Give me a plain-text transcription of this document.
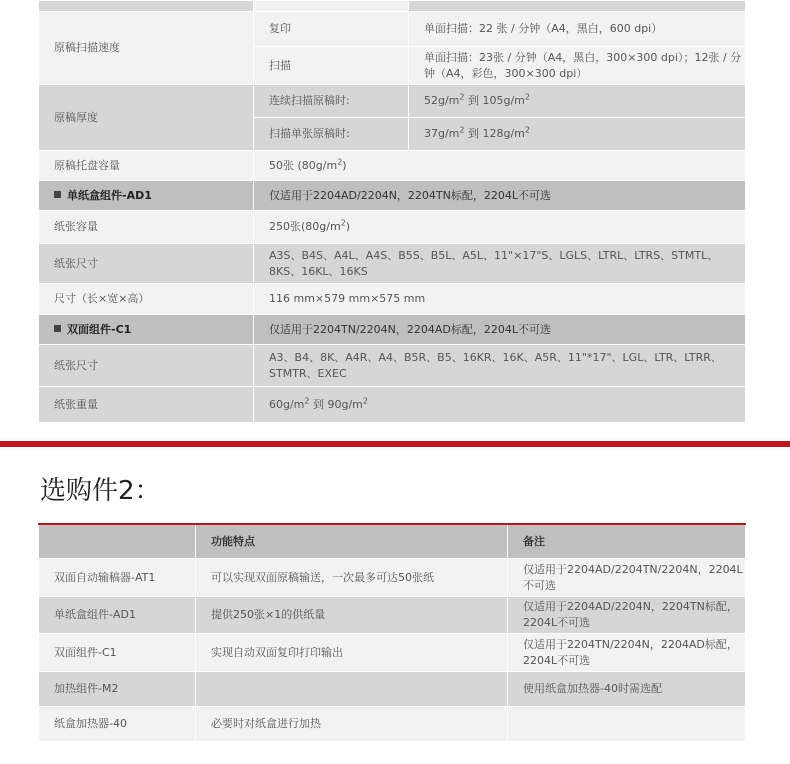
原稿扫描速度	复印	单面扫描：22 张 / 分钟（A4，黑白，600 dpi）
	扫描	单面扫描：23张 / 分钟（A4，黑白，300×300 dpi）；12张 / 分钟（A4，彩色，300×300 dpi）
原稿厚度	连续扫描原稿时:	$52g/m^2$ 到 $105g/m^2$
	扫描单张原稿时:	$37g/m^2$ 到 $128g/m^2$
原稿托盘容量	50张 $(80g/m^2)$	
单纸盒组件-AD1	仅适用于2204AD/2204N，2204TN标配，2204L不可选	
纸张容量	250张$(80g/m^2)$	
纸张尺寸	A3S、B4S、A4L、A4S、B5S、B5L、A5L、11"×17"S、LGLS、LTRL、LTRS、STMTL、8KS、16KL、16KS	
尺寸（长×宽×高）	116 mm×579 mm×575 mm	
双面组件-C1	仅适用于2204TN/2204N，2204AD标配，2204L不可选	
纸张尺寸	A3、B4、8K、A4R、A4、B5R、B5、16KR、16K、A5R、11"*17"、LGL、LTR、LTRR、STMTR、EXEC	
纸张重量	$60g/m^2$ 到 $90g/m^2$
选购件2：
	功能特点	备注
双面自动输稿器-AT1	可以实现双面原稿输送，一次最多可达50张纸	仅适用于2204AD/2204TN/2204N，2204L不可选
单纸盒组件-AD1	提供250张×1的供纸量	仅适用于2204AD/2204N，2204TN标配，2204L不可选
双面组件-C1	实现自动双面复印打印输出	仅适用于2204TN/2204N，2204AD标配，2204L不可选
加热组件-M2		使用纸盒加热器-40时需选配
纸盒加热器-40	必要时对纸盒进行加热	
